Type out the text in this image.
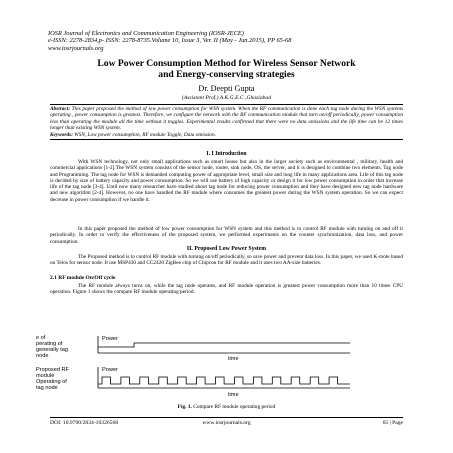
IOSR Journal of Electronics and Communication Engineering (IOSR-JECE)
e-ISSN: 2278-2834,p- ISSN: 2278-8735.Volume 10, Issue 3, Ver. II (May - Jun.2015), PP 65-68
www.iosrjournals.org
Low Power Consumption Method for Wireless Sensor Network
and Energy-conserving strategies
Dr. Deepti Gupta
(Assistant Prof.) A.K.G.E.C ,Ghaziabad
Abstract: This paper proposed the method of low power consumption for WSN system. When the RF communication is done each tag node during the WSN systems operating , power consumption is greatest. Therefore, we configure the network with the RF communication module that turn on/off periodically, power consumption less than operating the module all the time without it toggles. Experimental results confirmed that there were no data omissions and the life time can be 12 times longer than existing WSN system.
Keywords: WSN, Low power consumption, RF module Toggle, Data omission.
I. I Introduction
With WSN technology, not only small applications such as smart house but also in the larger society such as environmental , military, health and commercial applications [1-2].The WSN system consists of the sensor node, router, sink node, OS, the server, and it is designed to combine two elements. Tag node and Programming. The tag node for WSN is demanded computing power of appropriate level, small size and long life in many applications area. Life of this tag node is decided by size of battery capacity and power consumption. So we will use battery of high capacity or design it for low power consumption in order that increase life of the tag node [3-4]. Until now many researcher have studied about tag node for reducing power consumption and they have designed new tag node hardware and new algorithm [2-4]. However, no one have handled the RF module where consumes the greatest power during the WSN system operation. So we can expect decrease in power consumption if we handle it.
In this paper proposed the method of low power consumption for WSN system and this method is to control RF module with turning on and off it periodically. In order to verify the effectiveness of the proposed system, we performed experiments on the counter synchronization, data loss, and power consumption.
II. Proposed Low Power System
The Proposed method is to control RF module with turning on/off periodically, so save power and prevent data loss. In this paper, we used K-mote based on Telos for sensor node. It use MSP430 and CC2420 ZigBee chip of Chipcon for RF module and it uses two AA-size batteries.
2.1 RF module On/Off cycle
The RF module always turns on, while the tag node operates, and RF module operation is greatest power consumption more than 10 times CPU operation. Figure 1 shows the compare RF module operating period.
e of
perating of
generally tag
node
Proposed RF
module
Operating of
tag node
Power
time
Power
time
Fig. 1. Compare RF module operating period
DOI: 10.9790/2834-10326568	www.iosrjournals.org	65 | Page
